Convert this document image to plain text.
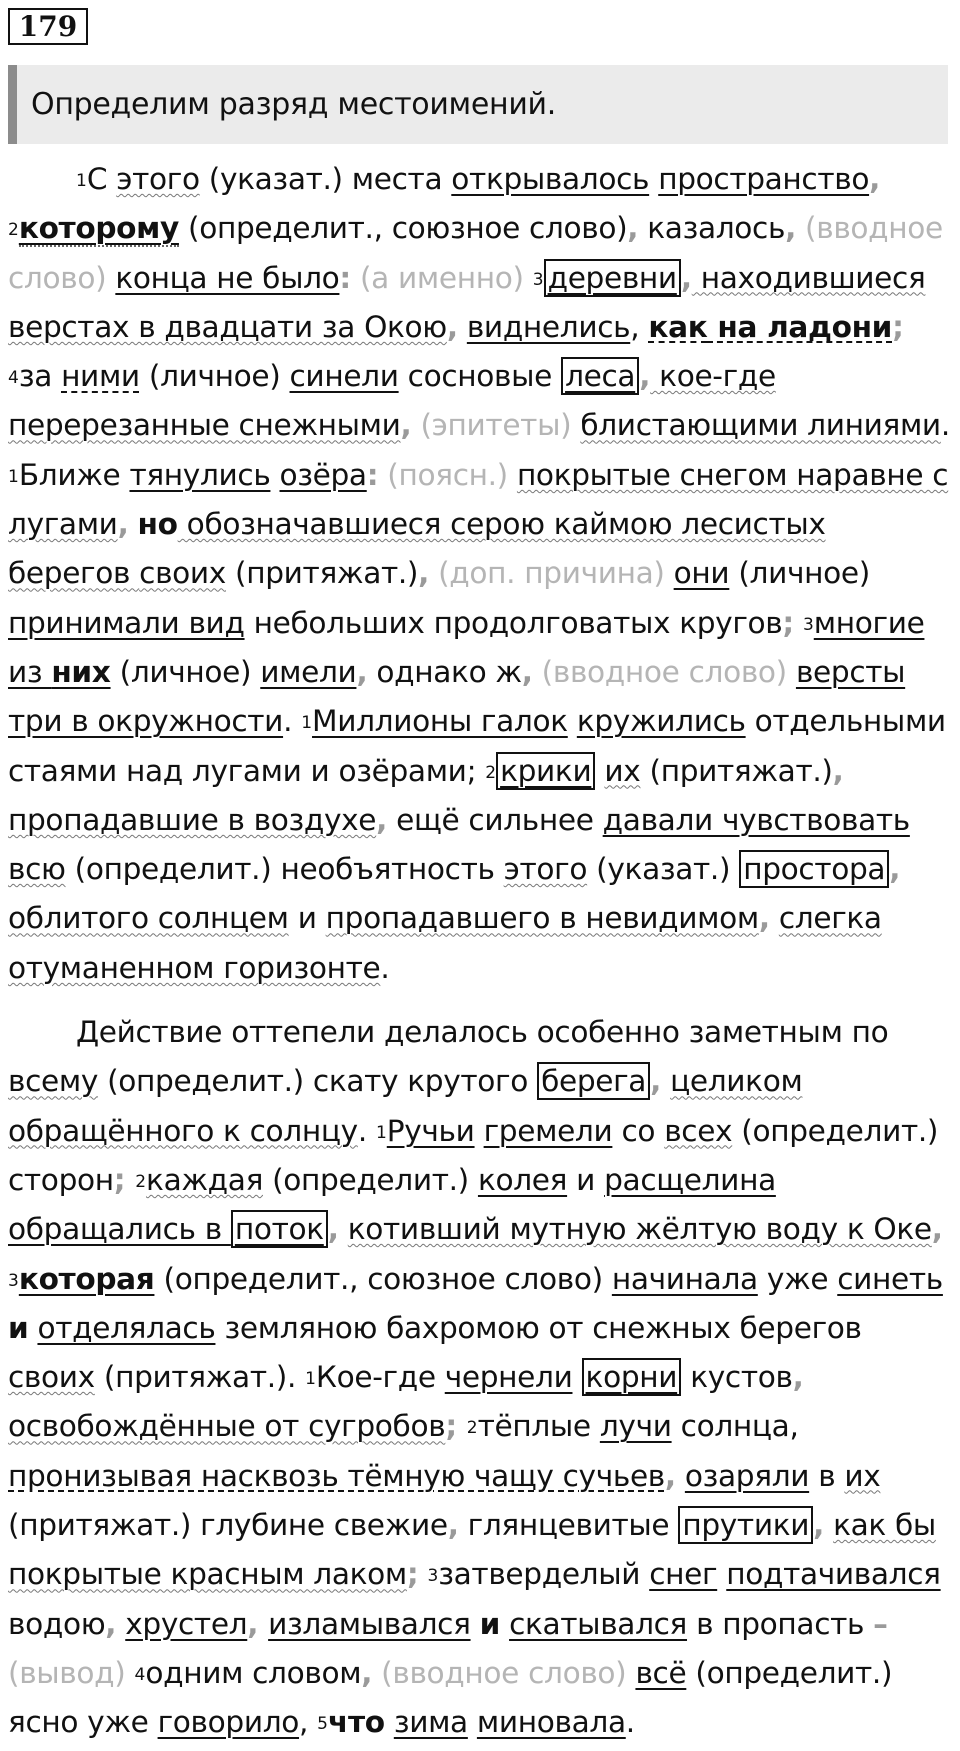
179
Определим разряд местоимений.

$^1$С этого (указат.) места открывалось пространство, $^2$которому (определит., союзное слово), казалось, (вводное слово) конца не было: (а именно) $^3$ деревни , находившиеся верстах в двадцати за Окою, виднелись, как на ладони; $^4$за ними (личное) синели сосновые леса , кое-где перерезанные снежными, (эпитеты) блистающими линиями. $^1$Ближе тянулись озёра: (поясн.) покрытые снегом наравне с лугами, но обозначавшиеся серою каймою лесистых берегов своих (притяжат.), (доп. причина) они (личное) принимали вид небольших продолговатых кругов; $^3$многие из них (личное) имели, однако ж, (вводное слово) версты три в окружности. $^1$Миллионы галок кружились отдельными стаями над лугами и озёрами; $^2$ крики их (притяжат.), пропадавшие в воздухе, ещё сильнее давали чувствовать всю (определит.) необъятность этого (указат.) простора , облитого солнцем и пропадавшего в невидимом, слегка отуманенном горизонте.

Действие оттепели делалось особенно заметным по всему (определит.) скату крутого берега , целиком обращённого к солнцу. $^1$Ручьи гремели со всех (определит.) сторон; $^2$каждая (определит.) колея и расщелина обращались в поток , котивший мутную жёлтую воду к Оке, $^3$которая (определит., союзное слово) начинала уже синеть и отделялась земляною бахромою от снежных берегов своих (притяжат.). $^1$Кое-где чернели корни кустов, освобождённые от сугробов; $^2$тёплые лучи солнца, пронизывая насквозь тёмную чащу сучьев, озаряли в их (притяжат.) глубине свежие, глянцевитые прутики , как бы покрытые красным лаком; $^3$затверделый снег подтачивался водою, хрустел, изламывался и скатывался в пропасть – (вывод) $^4$одним словом, (вводное слово) всё (определит.) ясно уже говорило, $^5$что зима миновала.
